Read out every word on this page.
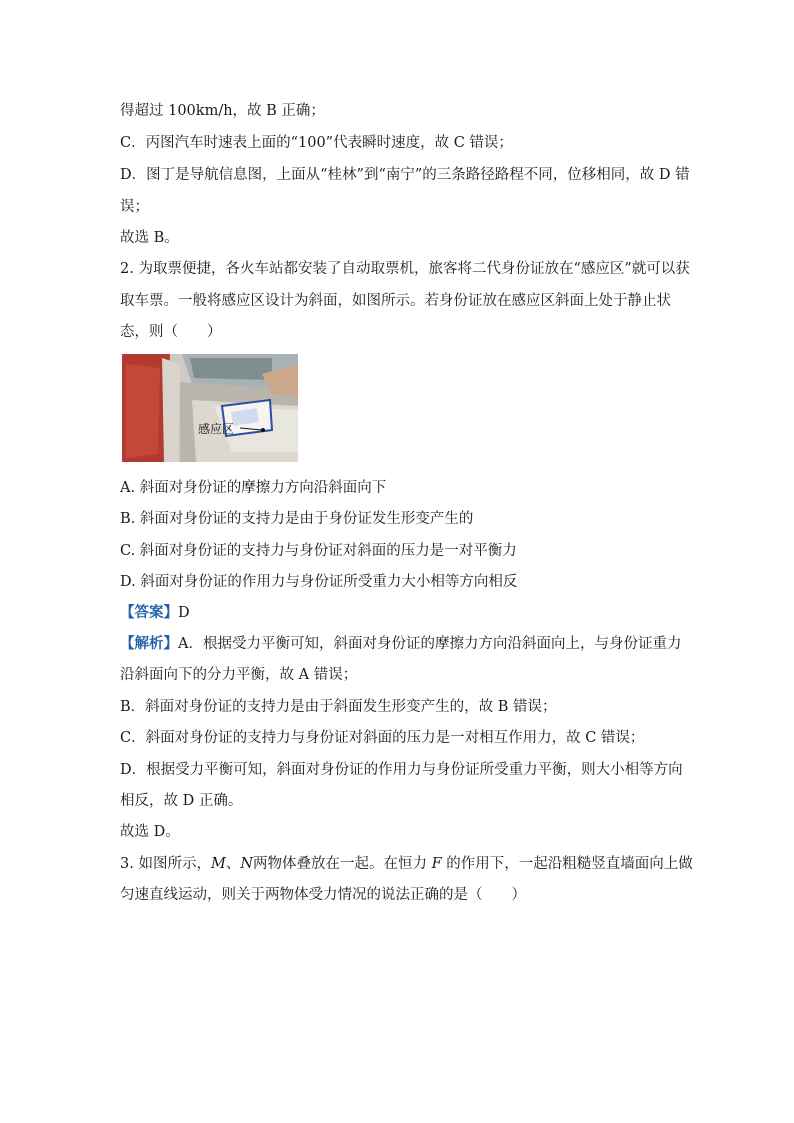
得超过 100km/h，故 B 正确；
C．丙图汽车时速表上面的“100”代表瞬时速度，故 C 错误；
D．图丁是导航信息图，上面从“桂林”到“南宁”的三条路径路程不同，位移相同，故 D 错
误；
故选 B。
2. 为取票便捷，各火车站都安装了自动取票机，旅客将二代身份证放在“感应区”就可以获
取车票。一般将感应区设计为斜面，如图所示。若身份证放在感应区斜面上处于静止状
态，则（　　）
感应区
A. 斜面对身份证的摩擦力方向沿斜面向下
B. 斜面对身份证的支持力是由于身份证发生形变产生的
C. 斜面对身份证的支持力与身份证对斜面的压力是一对平衡力
D. 斜面对身份证的作用力与身份证所受重力大小相等方向相反
【答案】D
【解析】A．根据受力平衡可知，斜面对身份证的摩擦力方向沿斜面向上，与身份证重力
沿斜面向下的分力平衡，故 A 错误；
B．斜面对身份证的支持力是由于斜面发生形变产生的，故 B 错误；
C．斜面对身份证的支持力与身份证对斜面的压力是一对相互作用力，故 C 错误；
D．根据受力平衡可知，斜面对身份证的作用力与身份证所受重力平衡，则大小相等方向
相反，故 D 正确。
故选 D。
3. 如图所示，M、N两物体叠放在一起。在恒力 F 的作用下，一起沿粗糙竖直墙面向上做
匀速直线运动，则关于两物体受力情况的说法正确的是（　　）
